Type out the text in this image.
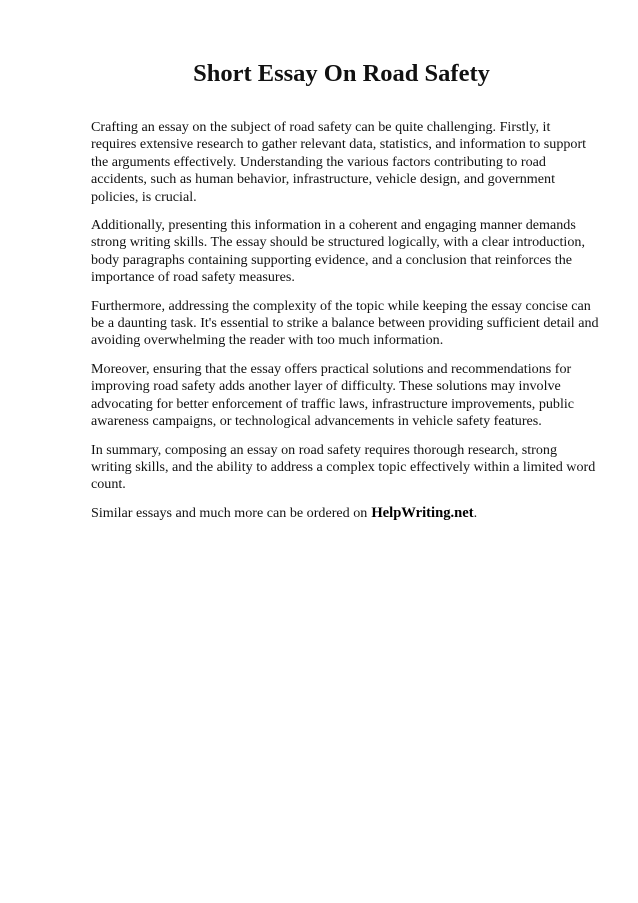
Short Essay On Road Safety

Crafting an essay on the subject of road safety can be quite challenging. Firstly, it requires extensive research to gather relevant data, statistics, and information to support the arguments effectively. Understanding the various factors contributing to road accidents, such as human behavior, infrastructure, vehicle design, and government policies, is crucial.

Additionally, presenting this information in a coherent and engaging manner demands strong writing skills. The essay should be structured logically, with a clear introduction, body paragraphs containing supporting evidence, and a conclusion that reinforces the importance of road safety measures.

Furthermore, addressing the complexity of the topic while keeping the essay concise can be a daunting task. It's essential to strike a balance between providing sufficient detail and avoiding overwhelming the reader with too much information.

Moreover, ensuring that the essay offers practical solutions and recommendations for improving road safety adds another layer of difficulty. These solutions may involve advocating for better enforcement of traffic laws, infrastructure improvements, public awareness campaigns, or technological advancements in vehicle safety features.

In summary, composing an essay on road safety requires thorough research, strong writing skills, and the ability to address a complex topic effectively within a limited word count.

Similar essays and much more can be ordered on HelpWriting.net.
